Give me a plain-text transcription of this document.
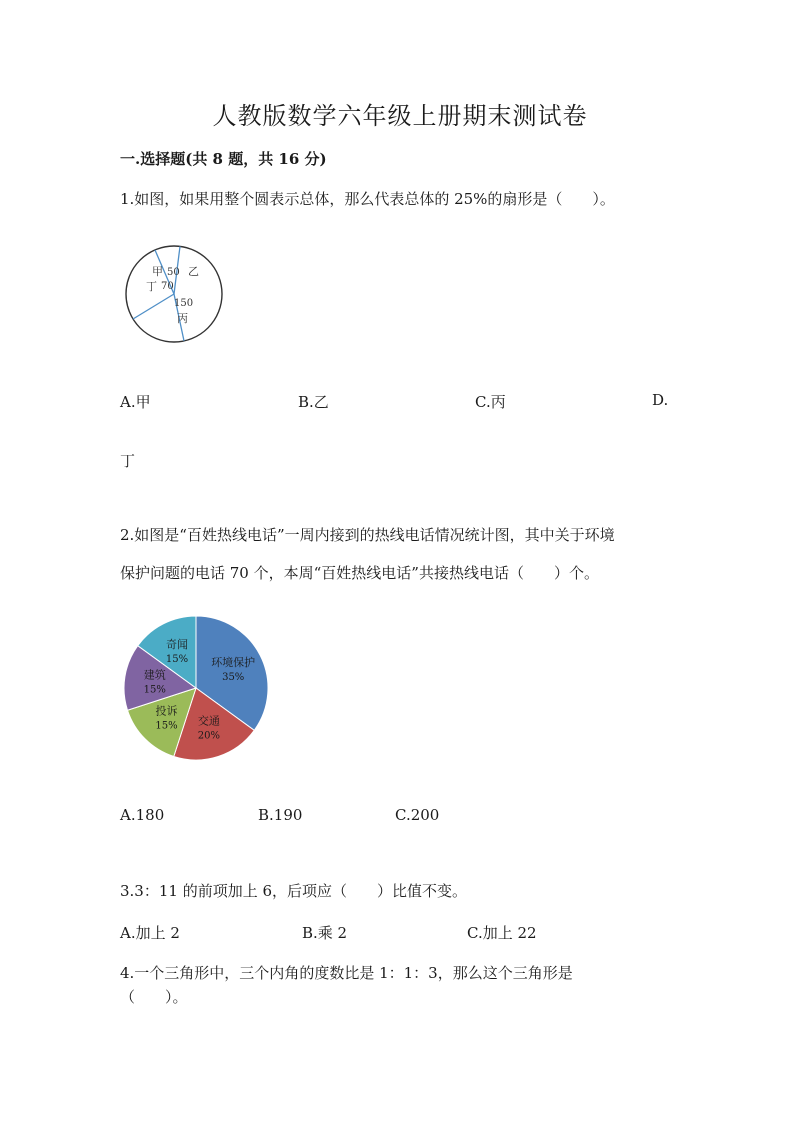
人教版数学六年级上册期末测试卷
一.选择题(共 8 题，共 16 分)
1.如图，如果用整个圆表示总体，那么代表总体的 25%的扇形是（　　）。
甲 50 乙
丁 70
150
丙
A.甲	B.乙	C.丙	D.
丁
2.如图是“百姓热线电话”一周内接到的热线电话情况统计图，其中关于环境
保护问题的电话 70 个，本周“百姓热线电话”共接热线电话（　　）个。
环境保护
35%
交通
20%
投诉
15%
建筑
15%
奇闻
15%
A.180	B.190	C.200
3.3：11 的前项加上 6，后项应（　　）比值不变。
A.加上 2	B.乘 2	C.加上 22
4.一个三角形中，三个内角的度数比是 1：1：3，那么这个三角形是
（　　）。
